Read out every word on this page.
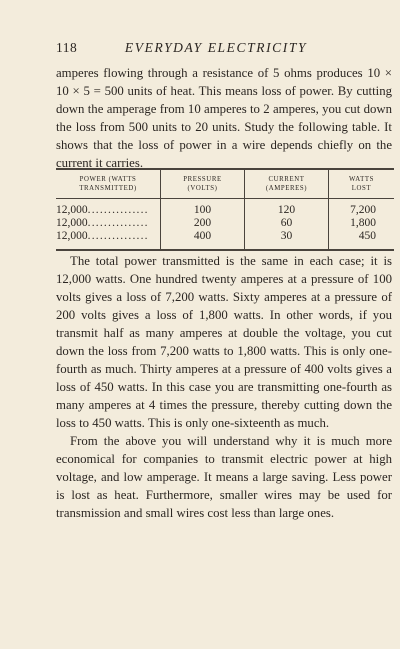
118	EVERYDAY ELECTRICITY

amperes flowing through a resistance of 5 ohms produces 10 × 10 × 5 = 500 units of heat. This means loss of power. By cutting down the amperage from 10 amperes to 2 amperes, you cut down the loss from 500 units to 20 units. Study the following table. It shows that the loss of power in a wire depends chiefly on the current it carries.

POWER (WATTS
TRANSMITTED)
PRESSURE
(VOLTS)
CURRENT
(AMPERES)
WATTS
LOST
12,000...............
12,000...............
12,000...............
100
200
400
120
60
30
7,200
1,800
450

The total power transmitted is the same in each case; it is 12,000 watts. One hundred twenty amperes at a pressure of 100 volts gives a loss of 7,200 watts. Sixty amperes at a pressure of 200 volts gives a loss of 1,800 watts. In other words, if you transmit half as many amperes at double the voltage, you cut down the loss from 7,200 watts to 1,800 watts. This is only one-fourth as much. Thirty amperes at a pressure of 400 volts gives a loss of 450 watts. In this case you are transmitting one-fourth as many amperes at 4 times the pressure, thereby cutting down the loss to 450 watts. This is only one-sixteenth as much.

From the above you will understand why it is much more economical for companies to transmit electric power at high voltage, and low amperage. It means a large saving. Less power is lost as heat. Furthermore, smaller wires may be used for transmission and small wires cost less than large ones.
